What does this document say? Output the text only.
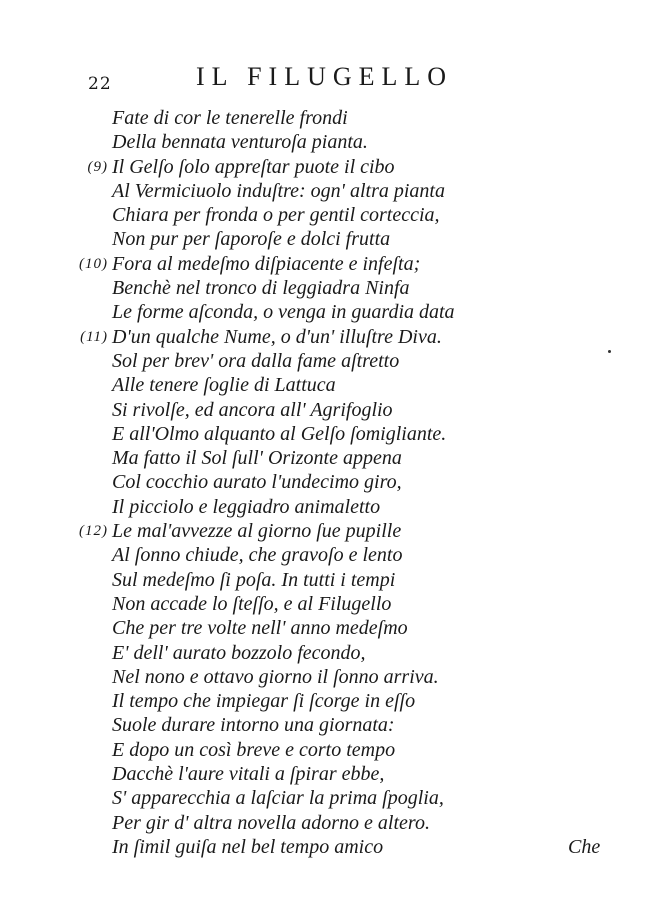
22	IL FILUGELLO
Fate di cor le tenerelle frondi
Della bennata venturoſa pianta.
(9) Il Gelſo ſolo appreſtar puote il cibo
Al Vermiciuolo induſtre: ogn' altra pianta
Chiara per fronda o per gentil corteccia,
Non pur per ſaporoſe e dolci frutta
(10) Fora al medeſmo diſpiacente e infeſta;
Benchè nel tronco di leggiadra Ninfa
Le forme aſconda, o venga in guardia data
(11) D'un qualche Nume, o d'un' illuſtre Diva.
Sol per brev' ora dalla fame aſtretto
Alle tenere ſoglie di Lattuca
Si rivolſe, ed ancora all' Agrifoglio
E all'Olmo alquanto al Gelſo ſomigliante.
Ma fatto il Sol ſull' Orizonte appena
Col cocchio aurato l'undecimo giro,
Il picciolo e leggiadro animaletto
(12) Le mal'avvezze al giorno ſue pupille
Al ſonno chiude, che gravoſo e lento
Sul medeſmo ſi poſa. In tutti i tempi
Non accade lo ſteſſo, e al Filugello
Che per tre volte nell' anno medeſmo
E' dell' aurato bozzolo fecondo,
Nel nono e ottavo giorno il ſonno arriva.
Il tempo che impiegar ſi ſcorge in eſſo
Suole durare intorno una giornata:
E dopo un così breve e corto tempo
Dacchè l'aure vitali a ſpirar ebbe,
S' apparecchia a laſciar la prima ſpoglia,
Per gir d' altra novella adorno e altero.
In ſimil guiſa nel bel tempo amico	Che
